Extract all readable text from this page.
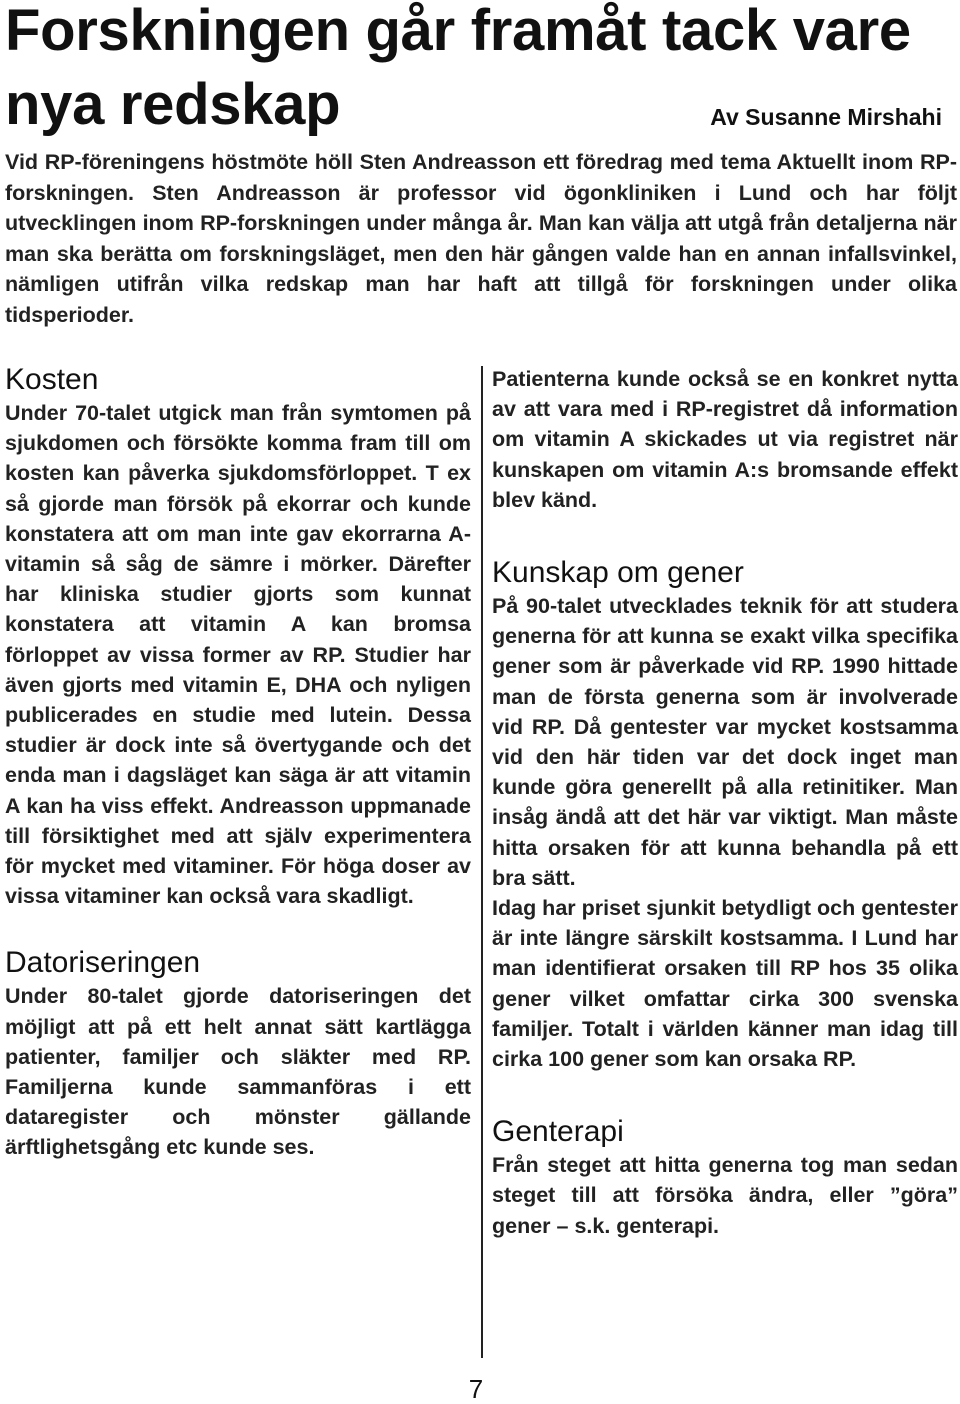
Forskningen går framåt tack vare nya redskap	Av Susanne Mirshahi

Vid RP-föreningens höstmöte höll Sten Andreasson ett föredrag med tema Aktuellt inom RP-forskningen. Sten Andreasson är professor vid ögonkliniken i Lund och har följt utvecklingen inom RP-forskningen under många år. Man kan välja att utgå från detaljerna när man ska berätta om forskningsläget, men den här gången valde han en annan infallsvinkel, nämligen utifrån vilka redskap man har haft att tillgå för forskningen under olika tidsperioder.

Kosten

Under 70-talet utgick man från symtomen på sjukdomen och försökte komma fram till om kosten kan påverka sjukdomsförloppet. T ex så gjorde man försök på ekorrar och kunde konstatera att om man inte gav ekorrarna A-vitamin så såg de sämre i mörker. Därefter har kliniska studier gjorts som kunnat konstatera att vitamin A kan bromsa förloppet av vissa former av RP. Studier har även gjorts med vitamin E, DHA och nyligen publicerades en studie med lutein. Dessa studier är dock inte så övertygande och det enda man i dagsläget kan säga är att vitamin A kan ha viss effekt. Andreasson uppmanade till försiktighet med att själv experimentera för mycket med vitaminer. För höga doser av vissa vitaminer kan också vara skadligt.

Datoriseringen

Under 80-talet gjorde datoriseringen det möjligt att på ett helt annat sätt kartlägga patienter, familjer och släkter med RP. Familjerna kunde sammanföras i ett dataregister och mönster gällande ärftlighetsgång etc kunde ses.

Patienterna kunde också se en konkret nytta av att vara med i RP-registret då information om vitamin A skickades ut via registret när kunskapen om vitamin A:s bromsande effekt blev känd.

Kunskap om gener

På 90-talet utvecklades teknik för att studera generna för att kunna se exakt vilka specifika gener som är påverkade vid RP. 1990 hittade man de första generna som är involverade vid RP. Då gentester var mycket kostsamma vid den här tiden var det dock inget man kunde göra generellt på alla retinitiker. Man insåg ändå att det här var viktigt. Man måste hitta orsaken för att kunna behandla på ett bra sätt.

Idag har priset sjunkit betydligt och gentester är inte längre särskilt kostsamma. I Lund har man identifierat orsaken till RP hos 35 olika gener vilket omfattar cirka 300 svenska familjer. Totalt i världen känner man idag till cirka 100 gener som kan orsaka RP.

Genterapi

Från steget att hitta generna tog man sedan steget till att försöka ändra, eller ”göra” gener – s.k. genterapi.

7
